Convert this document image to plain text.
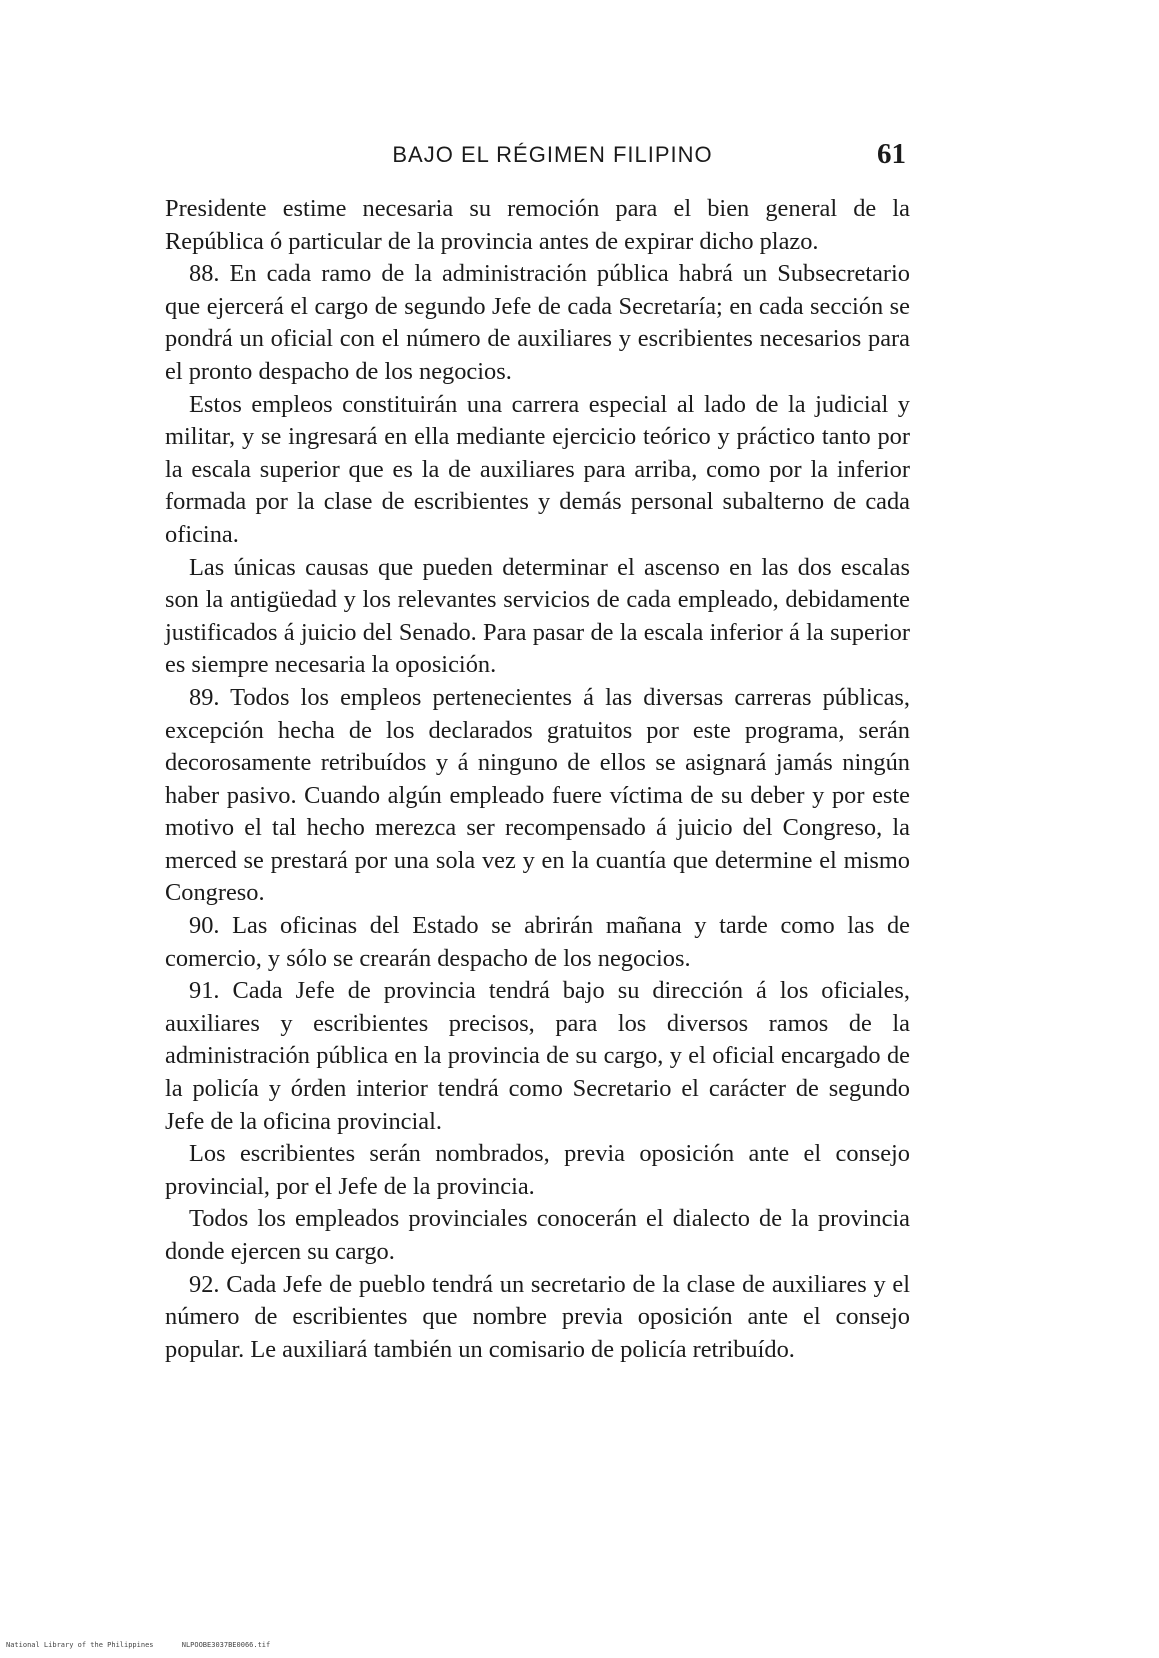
BAJO EL RÉGIMEN FILIPINO	61

Presidente estime necesaria su remoción para el bien general de la República ó particular de la provincia antes de expirar dicho plazo.

88. En cada ramo de la administración pública habrá un Subsecretario que ejercerá el cargo de segundo Jefe de cada Secretaría; en cada sección se pondrá un oficial con el número de auxiliares y escribientes necesarios para el pronto despacho de los negocios.

Estos empleos constituirán una carrera especial al lado de la judicial y militar, y se ingresará en ella mediante ejercicio teórico y práctico tanto por la escala superior que es la de auxiliares para arriba, como por la inferior formada por la clase de escribientes y demás personal subalterno de cada oficina.

Las únicas causas que pueden determinar el ascenso en las dos escalas son la antigüedad y los relevantes servicios de cada empleado, debidamente justificados á juicio del Senado. Para pasar de la escala inferior á la superior es siempre necesaria la oposición.

89. Todos los empleos pertenecientes á las diversas carreras públicas, excepción hecha de los declarados gratuitos por este programa, serán decorosamente retribuídos y á ninguno de ellos se asignará jamás ningún haber pasivo. Cuando algún empleado fuere víctima de su deber y por este motivo el tal hecho merezca ser recompensado á juicio del Congreso, la merced se prestará por una sola vez y en la cuantía que determine el mismo Congreso.

90. Las oficinas del Estado se abrirán mañana y tarde como las de comercio, y sólo se crearán despacho de los negocios.

91. Cada Jefe de provincia tendrá bajo su dirección á los oficiales, auxiliares y escribientes precisos, para los diversos ramos de la administración pública en la provincia de su cargo, y el oficial encargado de la policía y órden interior tendrá como Secretario el carácter de segundo Jefe de la oficina provincial.

Los escribientes serán nombrados, previa oposición ante el consejo provincial, por el Jefe de la provincia.

Todos los empleados provinciales conocerán el dialecto de la provincia donde ejercen su cargo.

92. Cada Jefe de pueblo tendrá un secretario de la clase de auxiliares y el número de escribientes que nombre previa oposición ante el consejo popular. Le auxiliará también un comisario de policía retribuído.

National Library of the Philippines	NLPOOBE3037BE0066.tif
